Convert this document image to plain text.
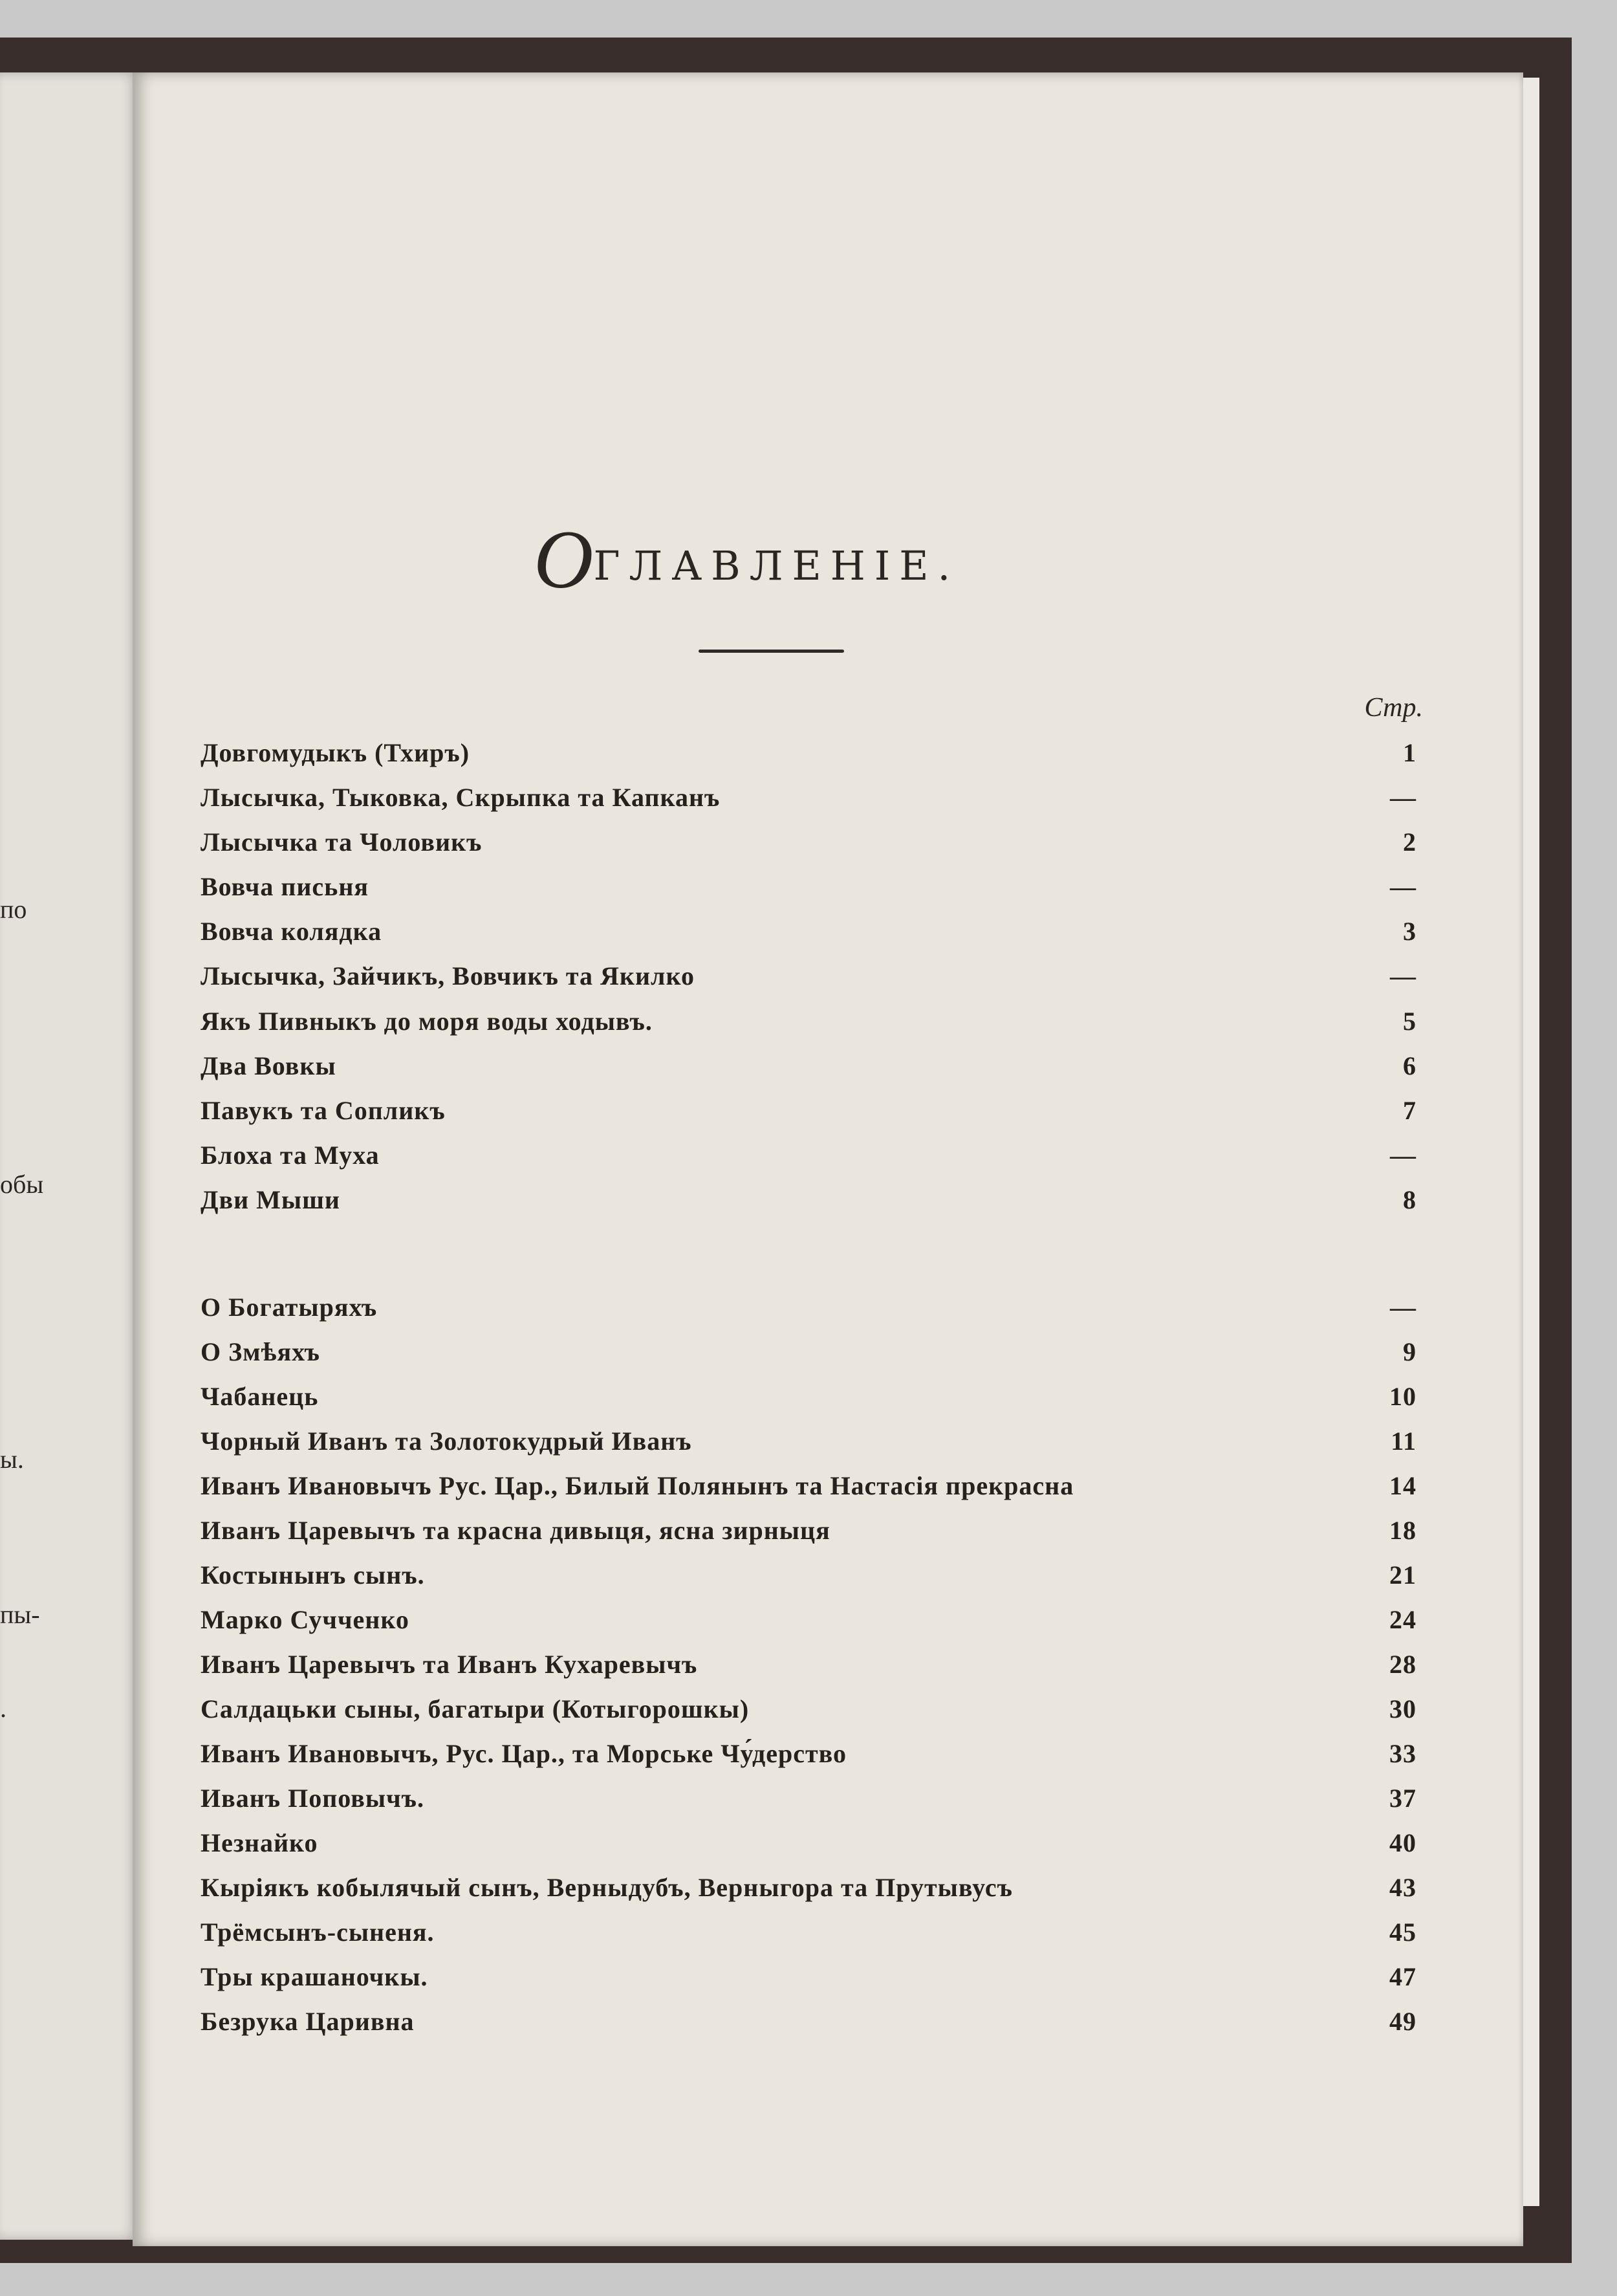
по
обы
ы.
пы-
.
ОГЛАВЛЕНІЕ.
Стр.
Довгомудыкъ (Тхиръ)	1
Лысычка, Тыковка, Скрыпка та Капканъ	—
Лысычка та Чоловикъ	2
Вовча письня	—
Вовча колядка	3
Лысычка, Зайчикъ, Вовчикъ та Якилко	—
Якъ Пивныкъ до моря воды ходывъ.	5
Два Вовкы	6
Павукъ та Сопликъ	7
Блоха та Муха	—
Дви Мыши	8
О Богатыряхъ	—
О Змѣяхъ	9
Чабанець	10
Чорный Иванъ та Золотокудрый Иванъ	11
Иванъ Ивановычъ Рус. Цар., Билый Полянынъ та Настасія прекрасна	14
Иванъ Царевычъ та красна дивыця, ясна зирныця	18
Костынынъ сынъ.	21
Марко Сучченко	24
Иванъ Царевычъ та Иванъ Кухаревычъ	28
Салдацьки сыны, багатыри (Котыгорошкы)	30
Иванъ Ивановычъ, Рус. Цар., та Морське Чу́дерство	33
Иванъ Поповычъ.	37
Незнайко	40
Кыріякъ кобылячый сынъ, Верныдубъ, Верныгора та Прутывусъ	43
Трёмсынъ-сыненя.	45
Тры крашаночкы.	47
Безрука Царивна	49
